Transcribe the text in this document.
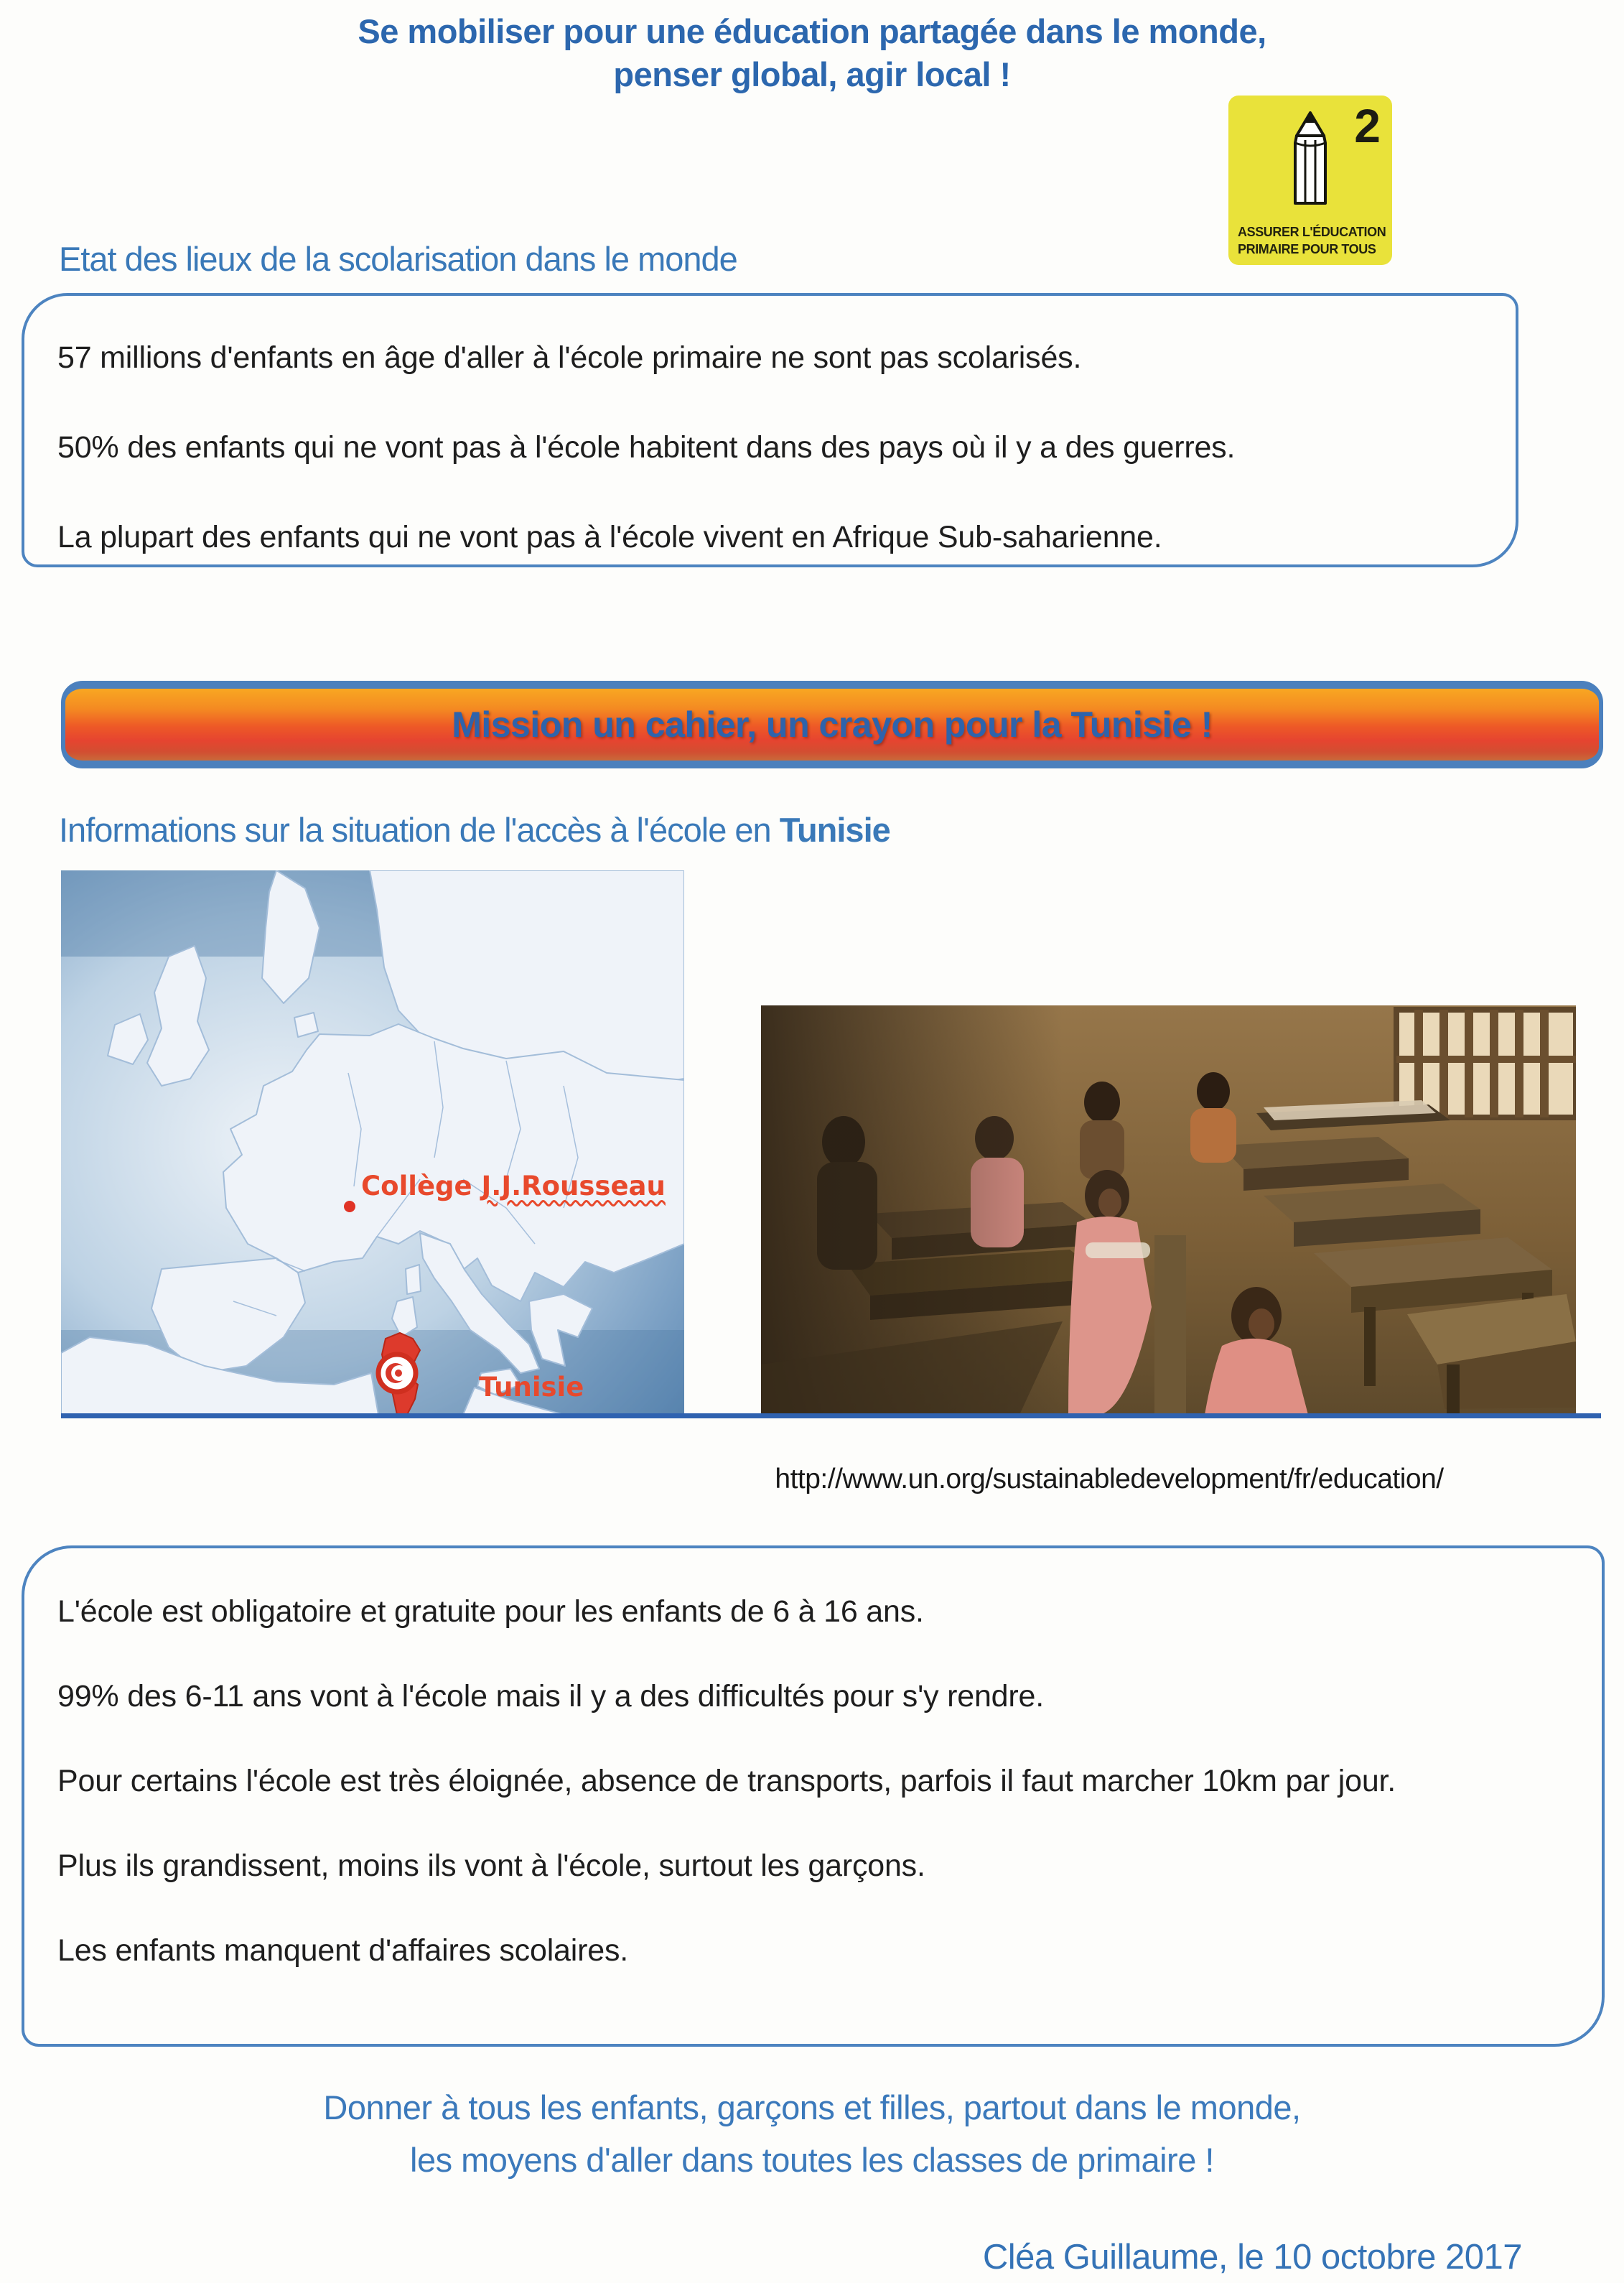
Se mobiliser pour une éducation partagée dans le monde,
penser global, agir local !
2
ASSURER L'ÉDUCATION
PRIMAIRE POUR TOUS
Etat des lieux de la scolarisation dans le monde

57 millions d'enfants en âge d'aller à l'école primaire ne sont pas scolarisés.

50% des enfants qui ne vont pas à l'école habitent dans des pays où il y a des guerres.

La plupart des enfants qui ne vont pas à l'école vivent en Afrique Sub-saharienne.

Mission un cahier, un crayon pour la Tunisie !
Informations sur la situation de l'accès à l'école en Tunisie
Collège J.J.Rousseau
Tunisie
http://www.un.org/sustainabledevelopment/fr/education/

L'école est obligatoire et gratuite pour les enfants de 6 à 16 ans.

99% des 6-11 ans vont à l'école mais il y a des difficultés pour s'y rendre.

Pour certains l'école est très éloignée, absence de transports, parfois il faut marcher 10km par jour.

Plus ils grandissent, moins ils vont à l'école, surtout les garçons.

Les enfants manquent d'affaires scolaires.

Donner à tous les enfants, garçons et filles, partout dans le monde,
les moyens d'aller dans toutes les classes de primaire !
Cléa Guillaume, le 10 octobre 2017
